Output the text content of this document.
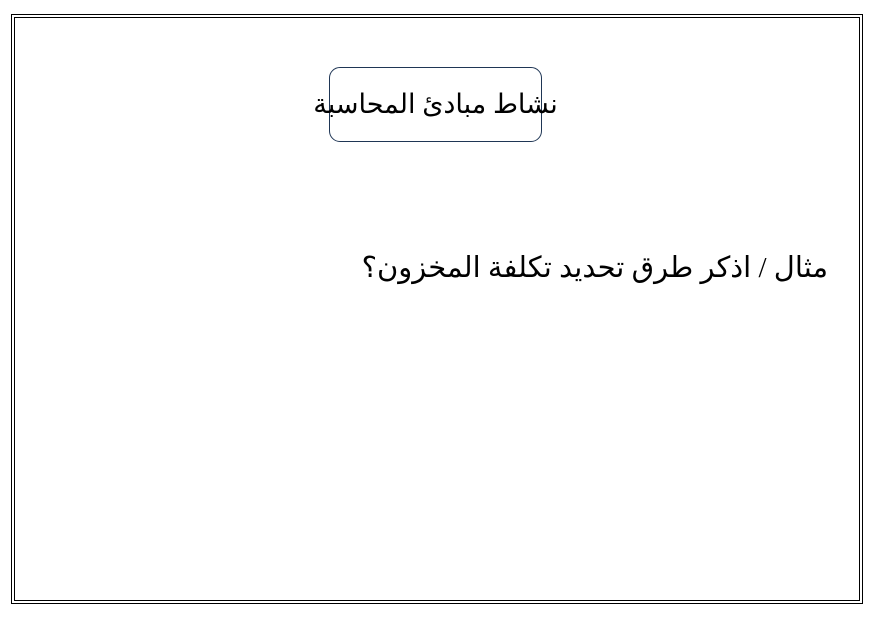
نشاط مبادئ المحاسبة
مثال / اذكر طرق تحديد تكلفة المخزون؟
